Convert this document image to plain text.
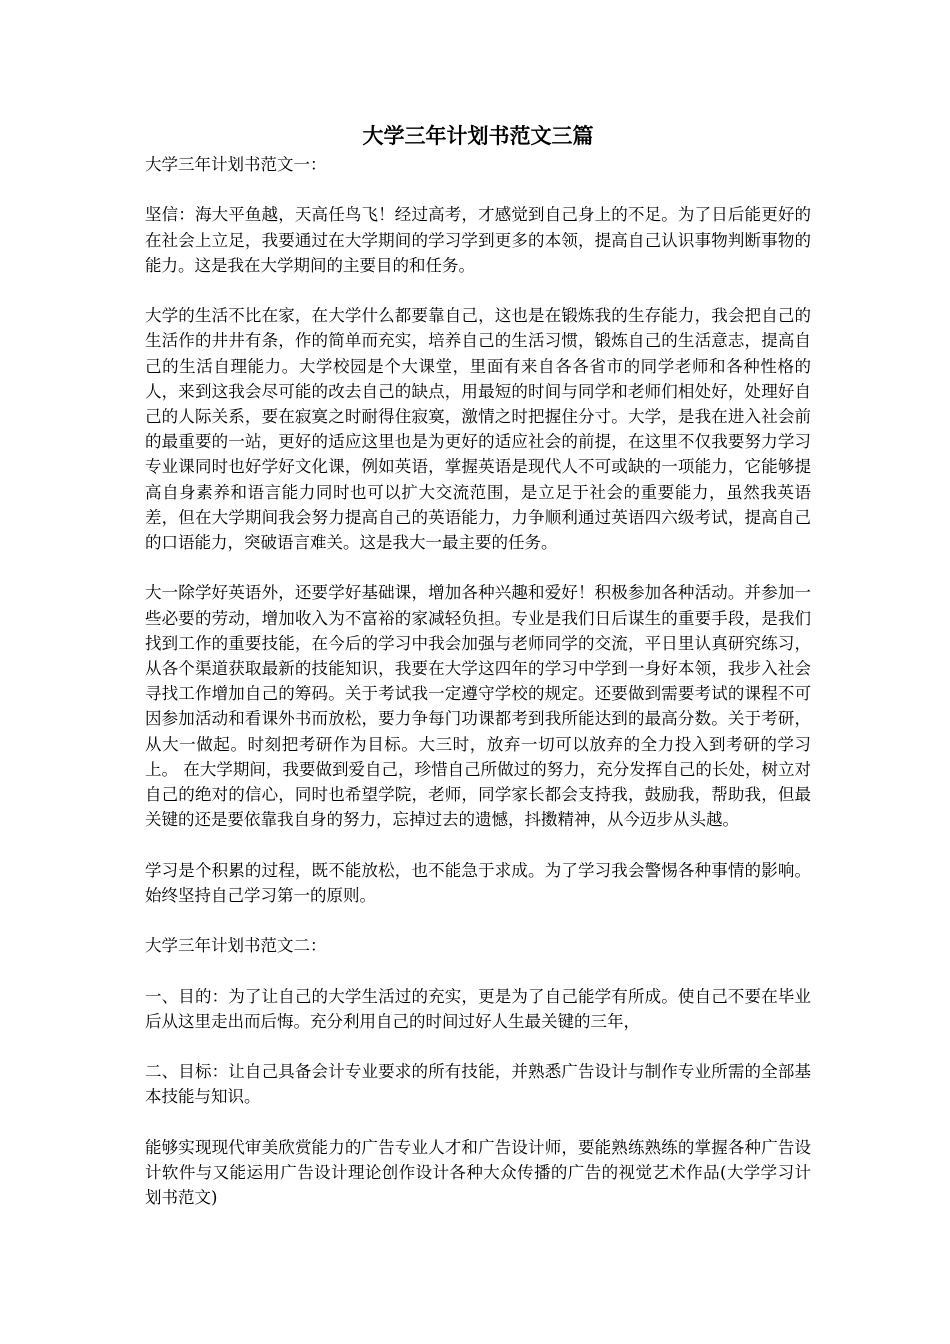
大学三年计划书范文三篇

大学三年计划书范文一：

坚信：海大平鱼越，天高任鸟飞！经过高考，才感觉到自己身上的不足。为了日后能更好的在社会上立足，我要通过在大学期间的学习学到更多的本领，提高自己认识事物判断事物的能力。这是我在大学期间的主要目的和任务。

大学的生活不比在家，在大学什么都要靠自己，这也是在锻炼我的生存能力，我会把自己的生活作的井井有条，作的简单而充实，培养自己的生活习惯，锻炼自己的生活意志，提高自己的生活自理能力。大学校园是个大课堂，里面有来自各各省市的同学老师和各种性格的人，来到这我会尽可能的改去自己的缺点，用最短的时间与同学和老师们相处好，处理好自己的人际关系，要在寂寞之时耐得住寂寞，激情之时把握住分寸。大学，是我在进入社会前的最重要的一站，更好的适应这里也是为更好的适应社会的前提，在这里不仅我要努力学习专业课同时也好学好文化课，例如英语，掌握英语是现代人不可或缺的一项能力，它能够提高自身素养和语言能力同时也可以扩大交流范围，是立足于社会的重要能力，虽然我英语差，但在大学期间我会努力提高自己的英语能力，力争顺利通过英语四六级考试，提高自己的口语能力，突破语言难关。这是我大一最主要的任务。

大一除学好英语外，还要学好基础课，增加各种兴趣和爱好！积极参加各种活动。并参加一些必要的劳动，增加收入为不富裕的家减轻负担。专业是我们日后谋生的重要手段，是我们找到工作的重要技能，在今后的学习中我会加强与老师同学的交流，平日里认真研究练习，从各个渠道获取最新的技能知识，我要在大学这四年的学习中学到一身好本领，我步入社会寻找工作增加自己的筹码。关于考试我一定遵守学校的规定。还要做到需要考试的课程不可因参加活动和看课外书而放松，要力争每门功课都考到我所能达到的最高分数。关于考研，从大一做起。时刻把考研作为目标。大三时，放弃一切可以放弃的全力投入到考研的学习上。 在大学期间，我要做到爱自己，珍惜自己所做过的努力，充分发挥自己的长处，树立对自己的绝对的信心，同时也希望学院，老师，同学家长都会支持我，鼓励我，帮助我，但最关键的还是要依靠我自身的努力，忘掉过去的遗憾，抖擞精神，从今迈步从头越。

学习是个积累的过程，既不能放松，也不能急于求成。为了学习我会警惕各种事情的影响。始终坚持自己学习第一的原则。

大学三年计划书范文二：

一、目的：为了让自己的大学生活过的充实，更是为了自己能学有所成。使自己不要在毕业后从这里走出而后悔。充分利用自己的时间过好人生最关键的三年，

二、目标：让自己具备会计专业要求的所有技能，并熟悉广告设计与制作专业所需的全部基本技能与知识。

能够实现现代审美欣赏能力的广告专业人才和广告设计师，要能熟练熟练的掌握各种广告设计软件与又能运用广告设计理论创作设计各种大众传播的广告的视觉艺术作品(大学学习计划书范文)
